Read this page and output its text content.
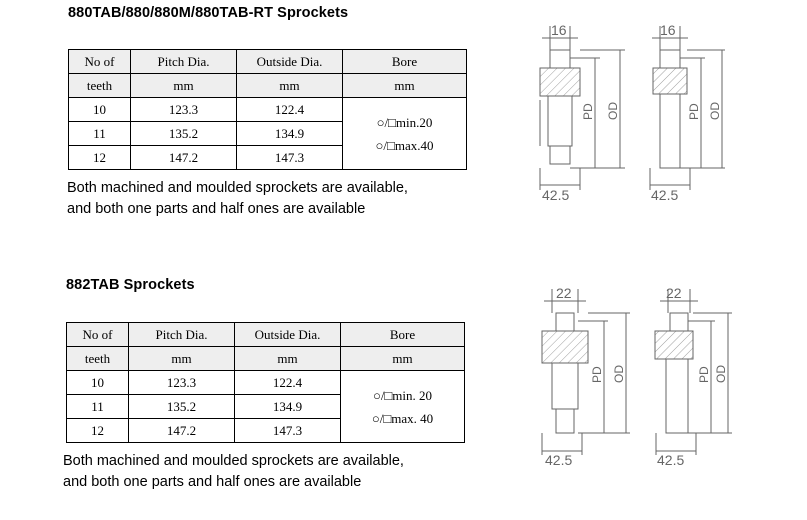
880TAB/880/880M/880TAB-RT Sprockets
No of	Pitch Dia.	Outside Dia.	Bore
teeth	mm	mm	mm
10	123.3	122.4	○/□min.20
○/□max.40

11	135.2	134.9	
12	147.2	147.3	
Both machined and moulded sprockets are available,
and both one parts and half ones are available
16
42.5
PD OD
16
42.5
PD OD
882TAB Sprockets
No of	Pitch Dia.	Outside Dia.	Bore
teeth	mm	mm	mm
10	123.3	122.4	○/□min. 20
○/□max. 40

11	135.2	134.9	
12	147.2	147.3	
Both machined and moulded sprockets are available,
and both one parts and half ones are available
22
42.5
PD OD
22
42.5
PD OD
